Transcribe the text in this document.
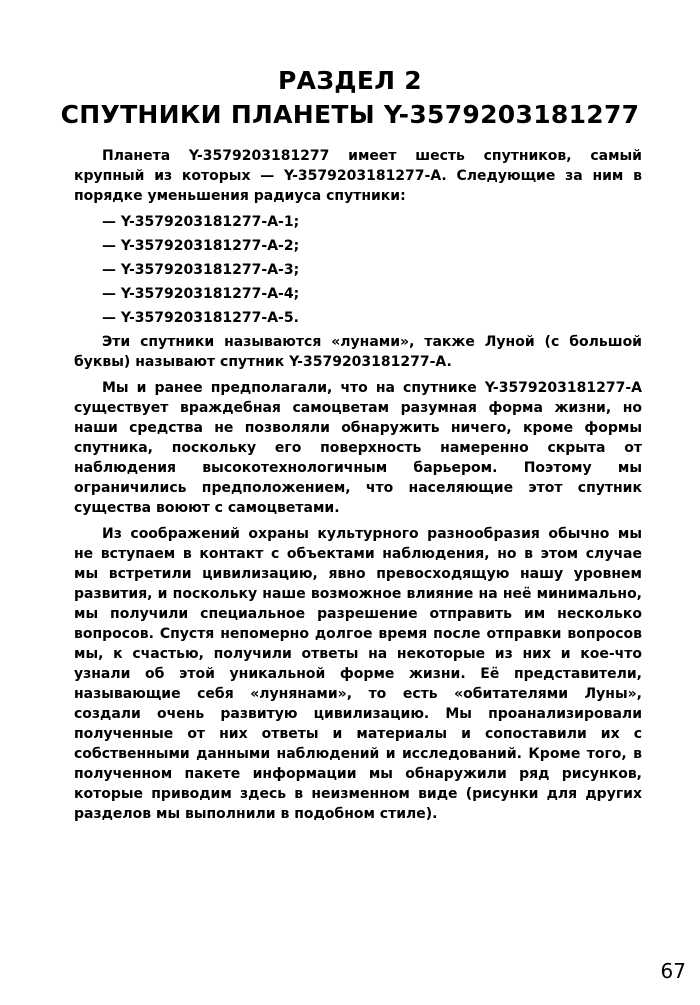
РАЗДЕЛ 2
СПУТНИКИ ПЛАНЕТЫ Y-3579203181277

Планета Y-3579203181277 имеет шесть спутников, самый крупный из которых — Y-3579203181277-A. Следующие за ним в порядке уменьшения радиуса спутники:

— Y-3579203181277-A-1;
— Y-3579203181277-A-2;
— Y-3579203181277-A-3;
— Y-3579203181277-A-4;
— Y-3579203181277-A-5.

Эти спутники называются «лунами», также Луной (с большой буквы) называют спутник Y-3579203181277-A.

Мы и ранее предполагали, что на спутнике Y-3579203181277-A существует враждебная самоцветам разумная форма жизни, но наши средства не позволяли обнаружить ничего, кроме формы спутника, поскольку его поверхность намеренно скрыта от наблюдения высокотехнологичным барьером. Поэтому мы ограничились предположением, что населяющие этот спутник существа воюют с самоцветами.

Из соображений охраны культурного разнообразия обычно мы не вступаем в контакт с объектами наблюдения, но в этом случае мы встретили цивилизацию, явно превосходящую нашу уровнем развития, и поскольку наше возможное влияние на неё минимально, мы получили специальное разрешение отправить им несколько вопросов. Спустя непомерно долгое время после отправки вопросов мы, к счастью, получили ответы на некоторые из них и кое-что узнали об этой уникальной форме жизни. Её представители, называющие себя «лунянами», то есть «обитателями Луны», создали очень развитую цивилизацию. Мы проанализировали полученные от них ответы и материалы и сопоставили их с собственными данными наблюдений и исследований. Кроме того, в полученном пакете информации мы обнаружили ряд рисунков, которые приводим здесь в неизменном виде (рисунки для других разделов мы выполнили в подобном стиле).

67
